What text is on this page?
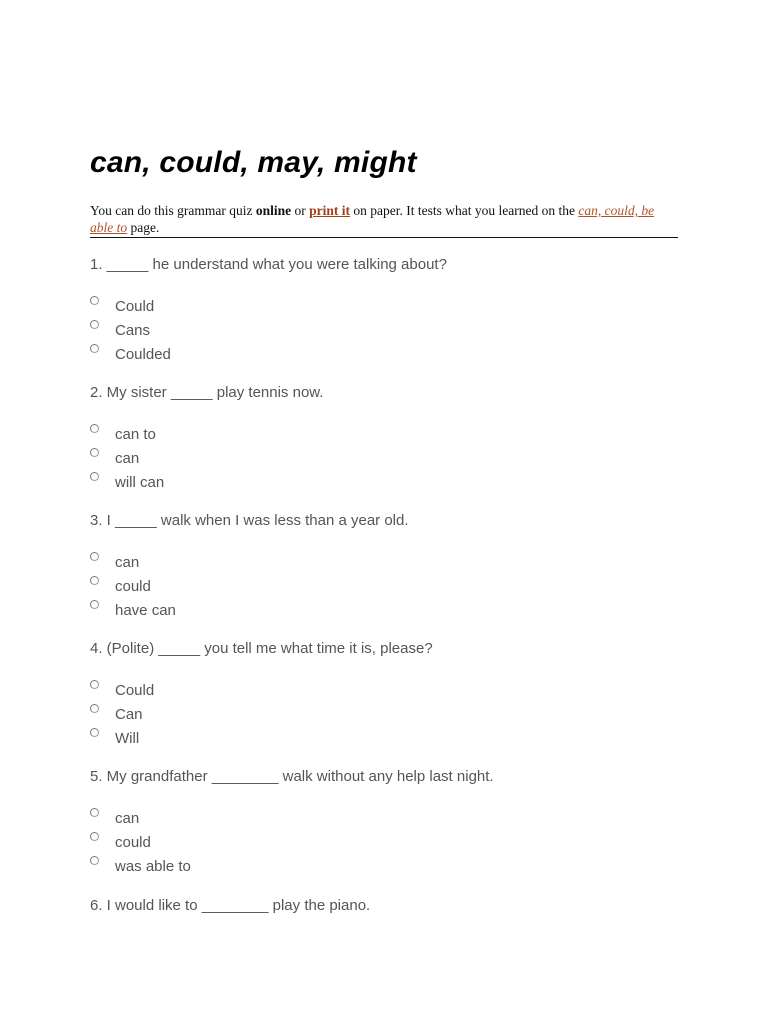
can, could, may, might
You can do this grammar quiz online or print it on paper. It tests what you learned on the can, could, be able to page.
1. _____ he understand what you were talking about?
Could
Cans
Coulded
2. My sister _____ play tennis now.
can to
can
will can
3. I _____ walk when I was less than a year old.
can
could
have can
4. (Polite) _____ you tell me what time it is, please?
Could
Can
Will
5. My grandfather ________ walk without any help last night.
can
could
was able to
6. I would like to ________ play the piano.
